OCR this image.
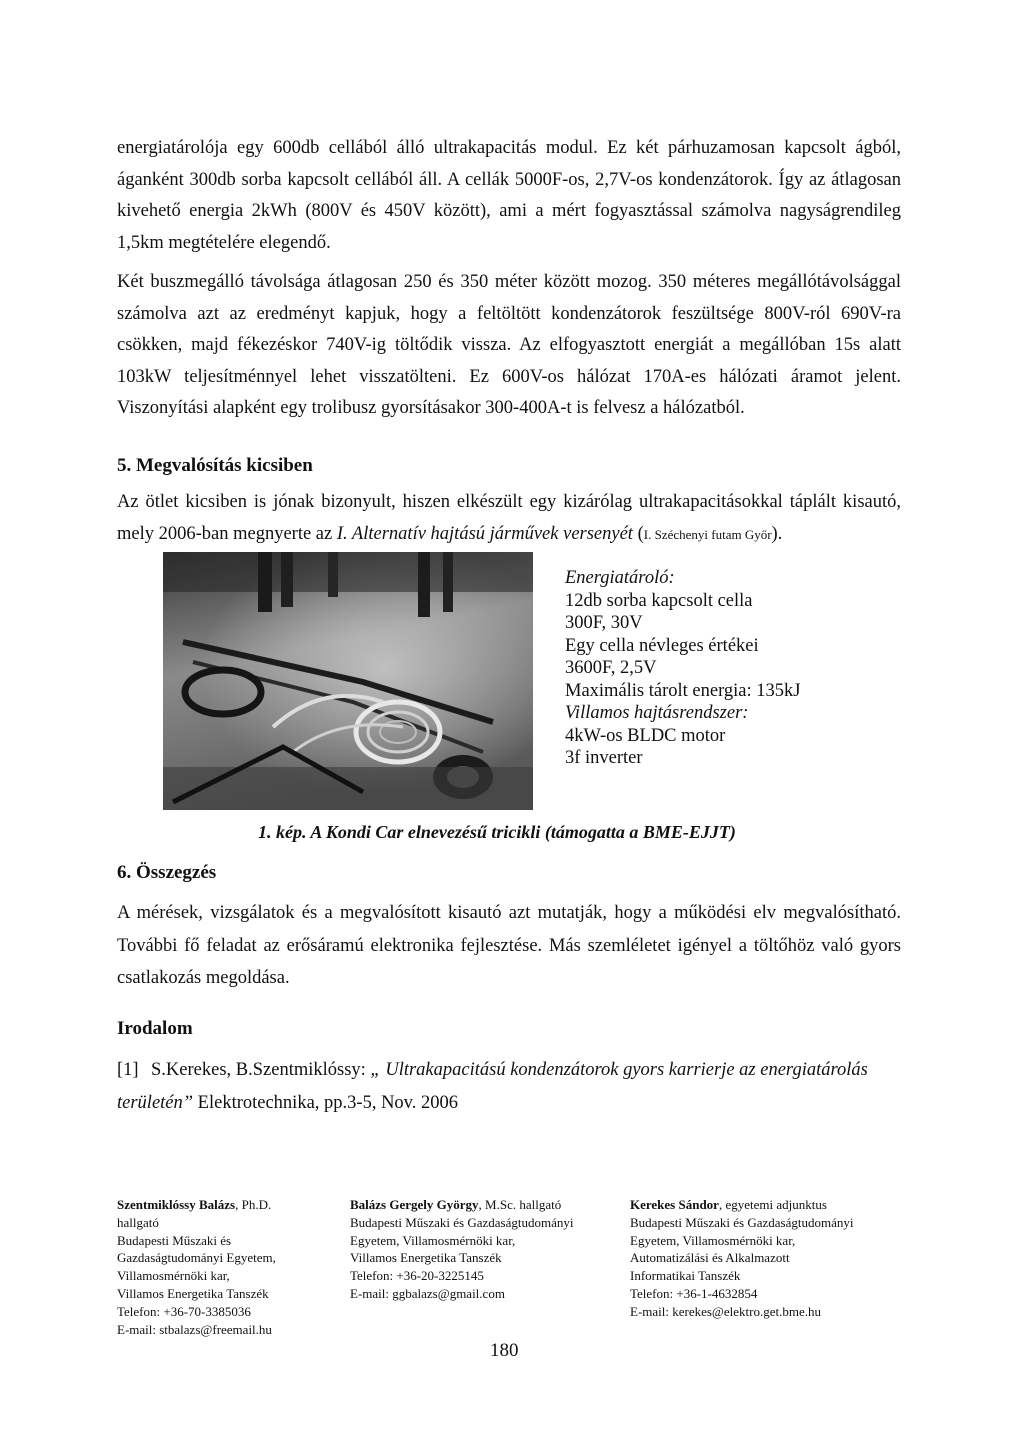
energiatárolója egy 600db cellából álló ultrakapacitás modul. Ez két párhuzamosan kapcsolt ágból, áganként 300db sorba kapcsolt cellából áll. A cellák 5000F-os, 2,7V-os kondenzátorok. Így az átlagosan kivehető energia 2kWh (800V és 450V között), ami a mért fogyasztással számolva nagyságrendileg 1,5km megtételére elegendő.

Két buszmegálló távolsága átlagosan 250 és 350 méter között mozog. 350 méteres megállótávolsággal számolva azt az eredményt kapjuk, hogy a feltöltött kondenzátorok feszültsége 800V-ról 690V-ra csökken, majd fékezéskor 740V-ig töltődik vissza. Az elfogyasztott energiát a megállóban 15s alatt 103kW teljesítménnyel lehet visszatölteni. Ez 600V-os hálózat 170A-es hálózati áramot jelent. Viszonyítási alapként egy trolibusz gyorsításakor 300-400A-t is felvesz a hálózatból.

5. Megvalósítás kicsiben

Az ötlet kicsiben is jónak bizonyult, hiszen elkészült egy kizárólag ultrakapacitásokkal táplált kisautó, mely 2006-ban megnyerte az I. Alternatív hajtású járművek versenyét (I. Széchenyi futam Győr).

Energiatároló:
12db sorba kapcsolt cella
300F, 30V
Egy cella névleges értékei
3600F, 2,5V
Maximális tárolt energia: 135kJ
Villamos hajtásrendszer:
4kW-os BLDC motor
3f inverter
1. kép. A Kondi Car elnevezésű tricikli (támogatta a BME-EJJT)
6. Összegzés

A mérések, vizsgálatok és a megvalósított kisautó azt mutatják, hogy a működési elv megvalósítható. További fő feladat az erősáramú elektronika fejlesztése. Más szemléletet igényel a töltőhöz való gyors csatlakozás megoldása.

Irodalom
[1] S.Kerekes, B.Szentmiklóssy: „ Ultrakapacitású kondenzátorok gyors karrierje az energiatárolás területén” Elektrotechnika, pp.3-5, Nov. 2006
Szentmiklóssy Balázs, Ph.D.
hallgató
Budapesti Műszaki és
Gazdaságtudományi Egyetem,
Villamosmérnöki kar,
Villamos Energetika Tanszék
Telefon: +36-70-3385036
E-mail: stbalazs@freemail.hu
Balázs Gergely György, M.Sc. hallgató
Budapesti Műszaki és Gazdaságtudományi
Egyetem, Villamosmérnöki kar,
Villamos Energetika Tanszék
Telefon: +36-20-3225145
E-mail: ggbalazs@gmail.com
Kerekes Sándor, egyetemi adjunktus
Budapesti Műszaki és Gazdaságtudományi
Egyetem, Villamosmérnöki kar,
Automatizálási és Alkalmazott
Informatikai Tanszék
Telefon: +36-1-4632854
E-mail: kerekes@elektro.get.bme.hu
180
